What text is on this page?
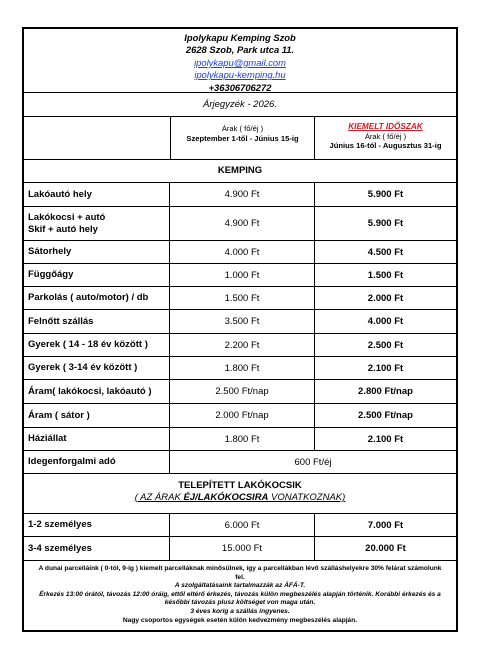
Ipolykapu Kemping Szob
2628 Szob, Park utca 11.
ipolykapu@gmail.com
ipolykapu-kemping.hu
+36306706272
Árjegyzék - 2026.
Árak ( fő/éj )
Szeptember 1-től - Június 15-ig
KIEMELT IDŐSZAK
Árak ( fő/éj )
Június 16-tól - Augusztus 31-ig
KEMPING
Lakóautó hely	4.900 Ft	5.900 Ft
Lakókocsi + autó
Skif + autó hely	4.900 Ft	5.900 Ft
Sátorhely	4.000 Ft	4.500 Ft
Függőágy	1.000 Ft	1.500 Ft
Parkolás ( auto/motor) / db	1.500 Ft	2.000 Ft
Felnőtt szállás	3.500 Ft	4.000 Ft
Gyerek ( 14 - 18 év között )	2.200 Ft	2.500 Ft
Gyerek ( 3-14 év között )	1.800 Ft	2.100 Ft
Áram( lakókocsi, lakóautó )	2.500 Ft/nap	2.800 Ft/nap
Áram ( sátor )	2.000 Ft/nap	2.500 Ft/nap
Háziállat	1.800 Ft	2.100 Ft
Idegenforgalmi adó	600 Ft/éj
TELEPÍTETT LAKÓKOCSIK
( AZ ÁRAK ÉJ/LAKÓKOCSIRA VONATKOZNAK)
1-2 személyes	6.000 Ft	7.000 Ft
3-4 személyes	15.000 Ft	20.000 Ft
A dunai parcelláink ( 0-tól, 9-ig ) kiemelt parcelláknak minősülnek, így a parcellákban lévő szálláshelyekre 30% felárat számolunk fel.
A szolgáltatásaink tartalmazzák az ÁFÁ-T.
Érkezés 13:00 órától, távozás 12:00 óráig, ettől eltérő érkezés, távozás külön megbeszélés alapján történik. Korábbi érkezés és a későbbi távozás plusz költséget von maga után.
3 éves korig a szállás ingyenes.
Nagy csoportos egységek esetén külön kedvezmény megbeszélés alapján.
